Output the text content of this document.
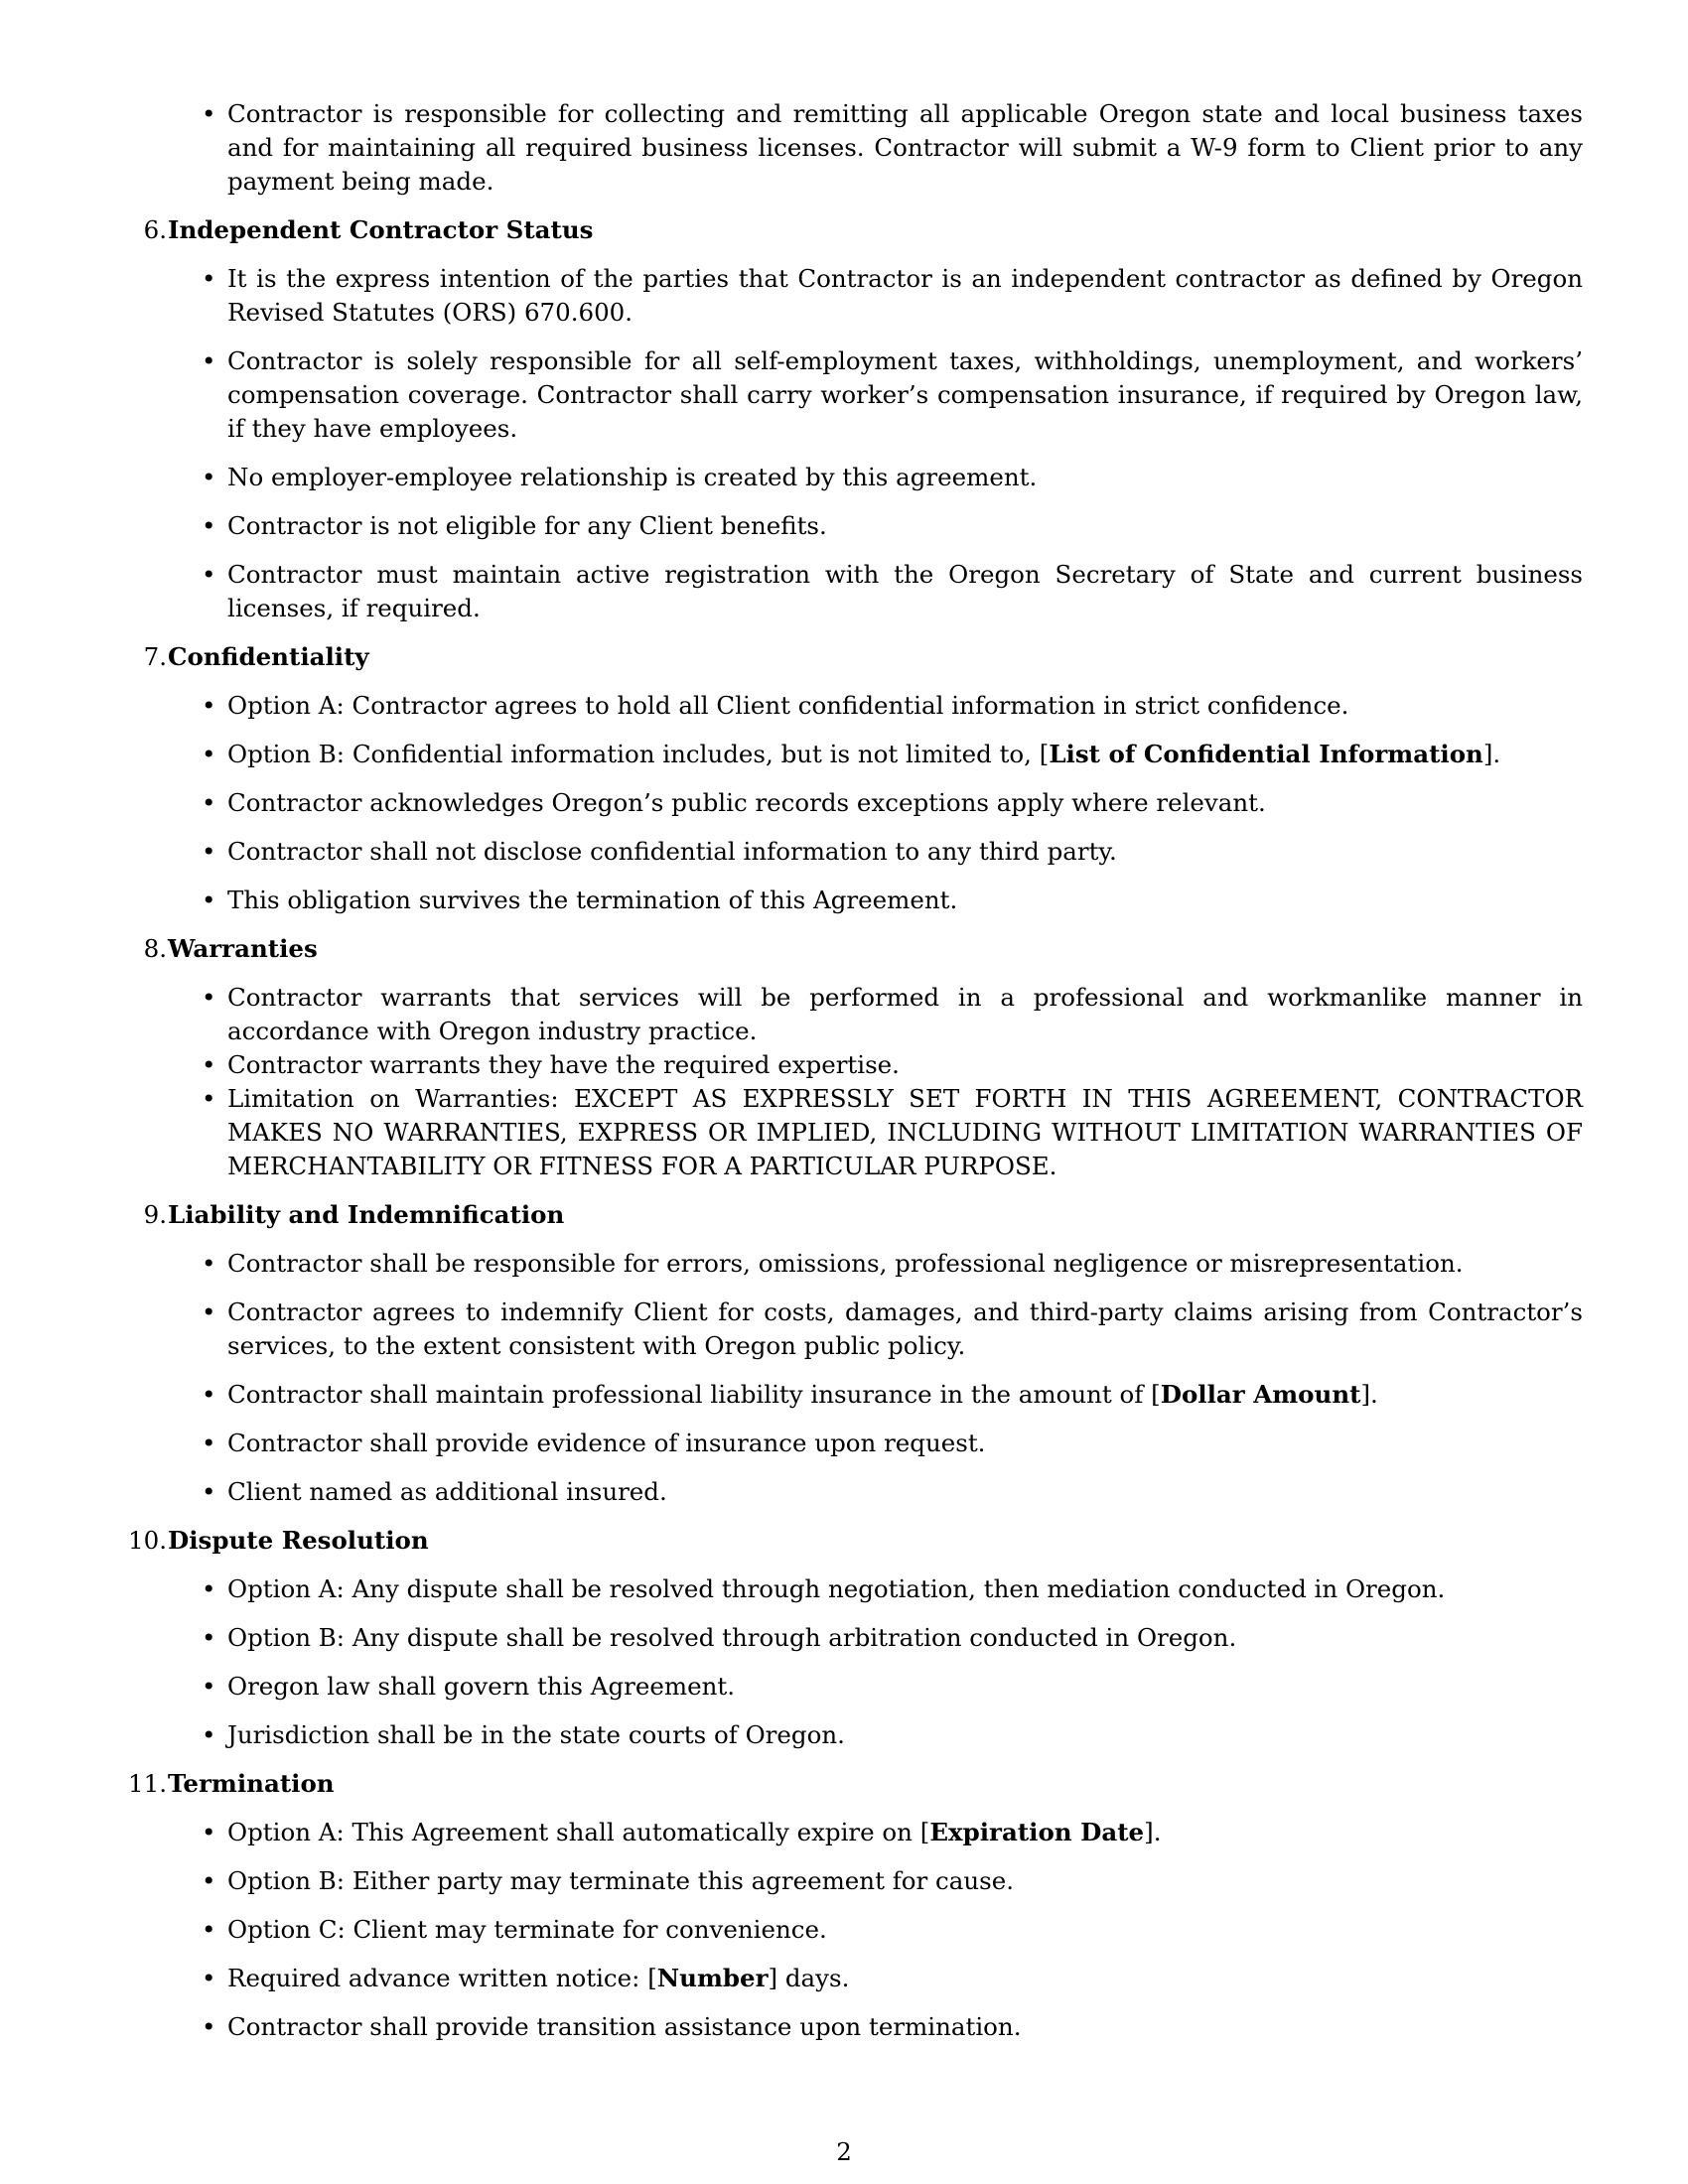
• Contractor is responsible for collecting and remitting all applicable Oregon state and local business taxes and for maintaining all required business licenses. Contractor will submit a W-9 form to Client prior to any payment being made.
6. Independent Contractor Status
• It is the express intention of the parties that Contractor is an independent contractor as defined by Oregon Revised Statutes (ORS) 670.600.
• Contractor is solely responsible for all self-employment taxes, withholdings, unemployment, and workers’ compensation coverage. Contractor shall carry worker’s compensation insurance, if required by Oregon law, if they have employees.
• No employer-employee relationship is created by this agreement.
• Contractor is not eligible for any Client benefits.
• Contractor must maintain active registration with the Oregon Secretary of State and current business licenses, if required.
7. Confidentiality
• Option A: Contractor agrees to hold all Client confidential information in strict confidence.
• Option B: Confidential information includes, but is not limited to, [List of Confidential Information].
• Contractor acknowledges Oregon’s public records exceptions apply where relevant.
• Contractor shall not disclose confidential information to any third party.
• This obligation survives the termination of this Agreement.
8. Warranties
• Contractor warrants that services will be performed in a professional and workmanlike manner in accordance with Oregon industry practice.
• Contractor warrants they have the required expertise.
• Limitation on Warranties: EXCEPT AS EXPRESSLY SET FORTH IN THIS AGREEMENT, CONTRACTOR MAKES NO WARRANTIES, EXPRESS OR IMPLIED, INCLUDING WITHOUT LIMITATION WARRANTIES OF MERCHANTABILITY OR FITNESS FOR A PARTICULAR PURPOSE.
9. Liability and Indemnification
• Contractor shall be responsible for errors, omissions, professional negligence or misrepresentation.
• Contractor agrees to indemnify Client for costs, damages, and third-party claims arising from Contractor’s services, to the extent consistent with Oregon public policy.
• Contractor shall maintain professional liability insurance in the amount of [Dollar Amount].
• Contractor shall provide evidence of insurance upon request.
• Client named as additional insured.
10. Dispute Resolution
• Option A: Any dispute shall be resolved through negotiation, then mediation conducted in Oregon.
• Option B: Any dispute shall be resolved through arbitration conducted in Oregon.
• Oregon law shall govern this Agreement.
• Jurisdiction shall be in the state courts of Oregon.
11. Termination
• Option A: This Agreement shall automatically expire on [Expiration Date].
• Option B: Either party may terminate this agreement for cause.
• Option C: Client may terminate for convenience.
• Required advance written notice: [Number] days.
• Contractor shall provide transition assistance upon termination.
2
